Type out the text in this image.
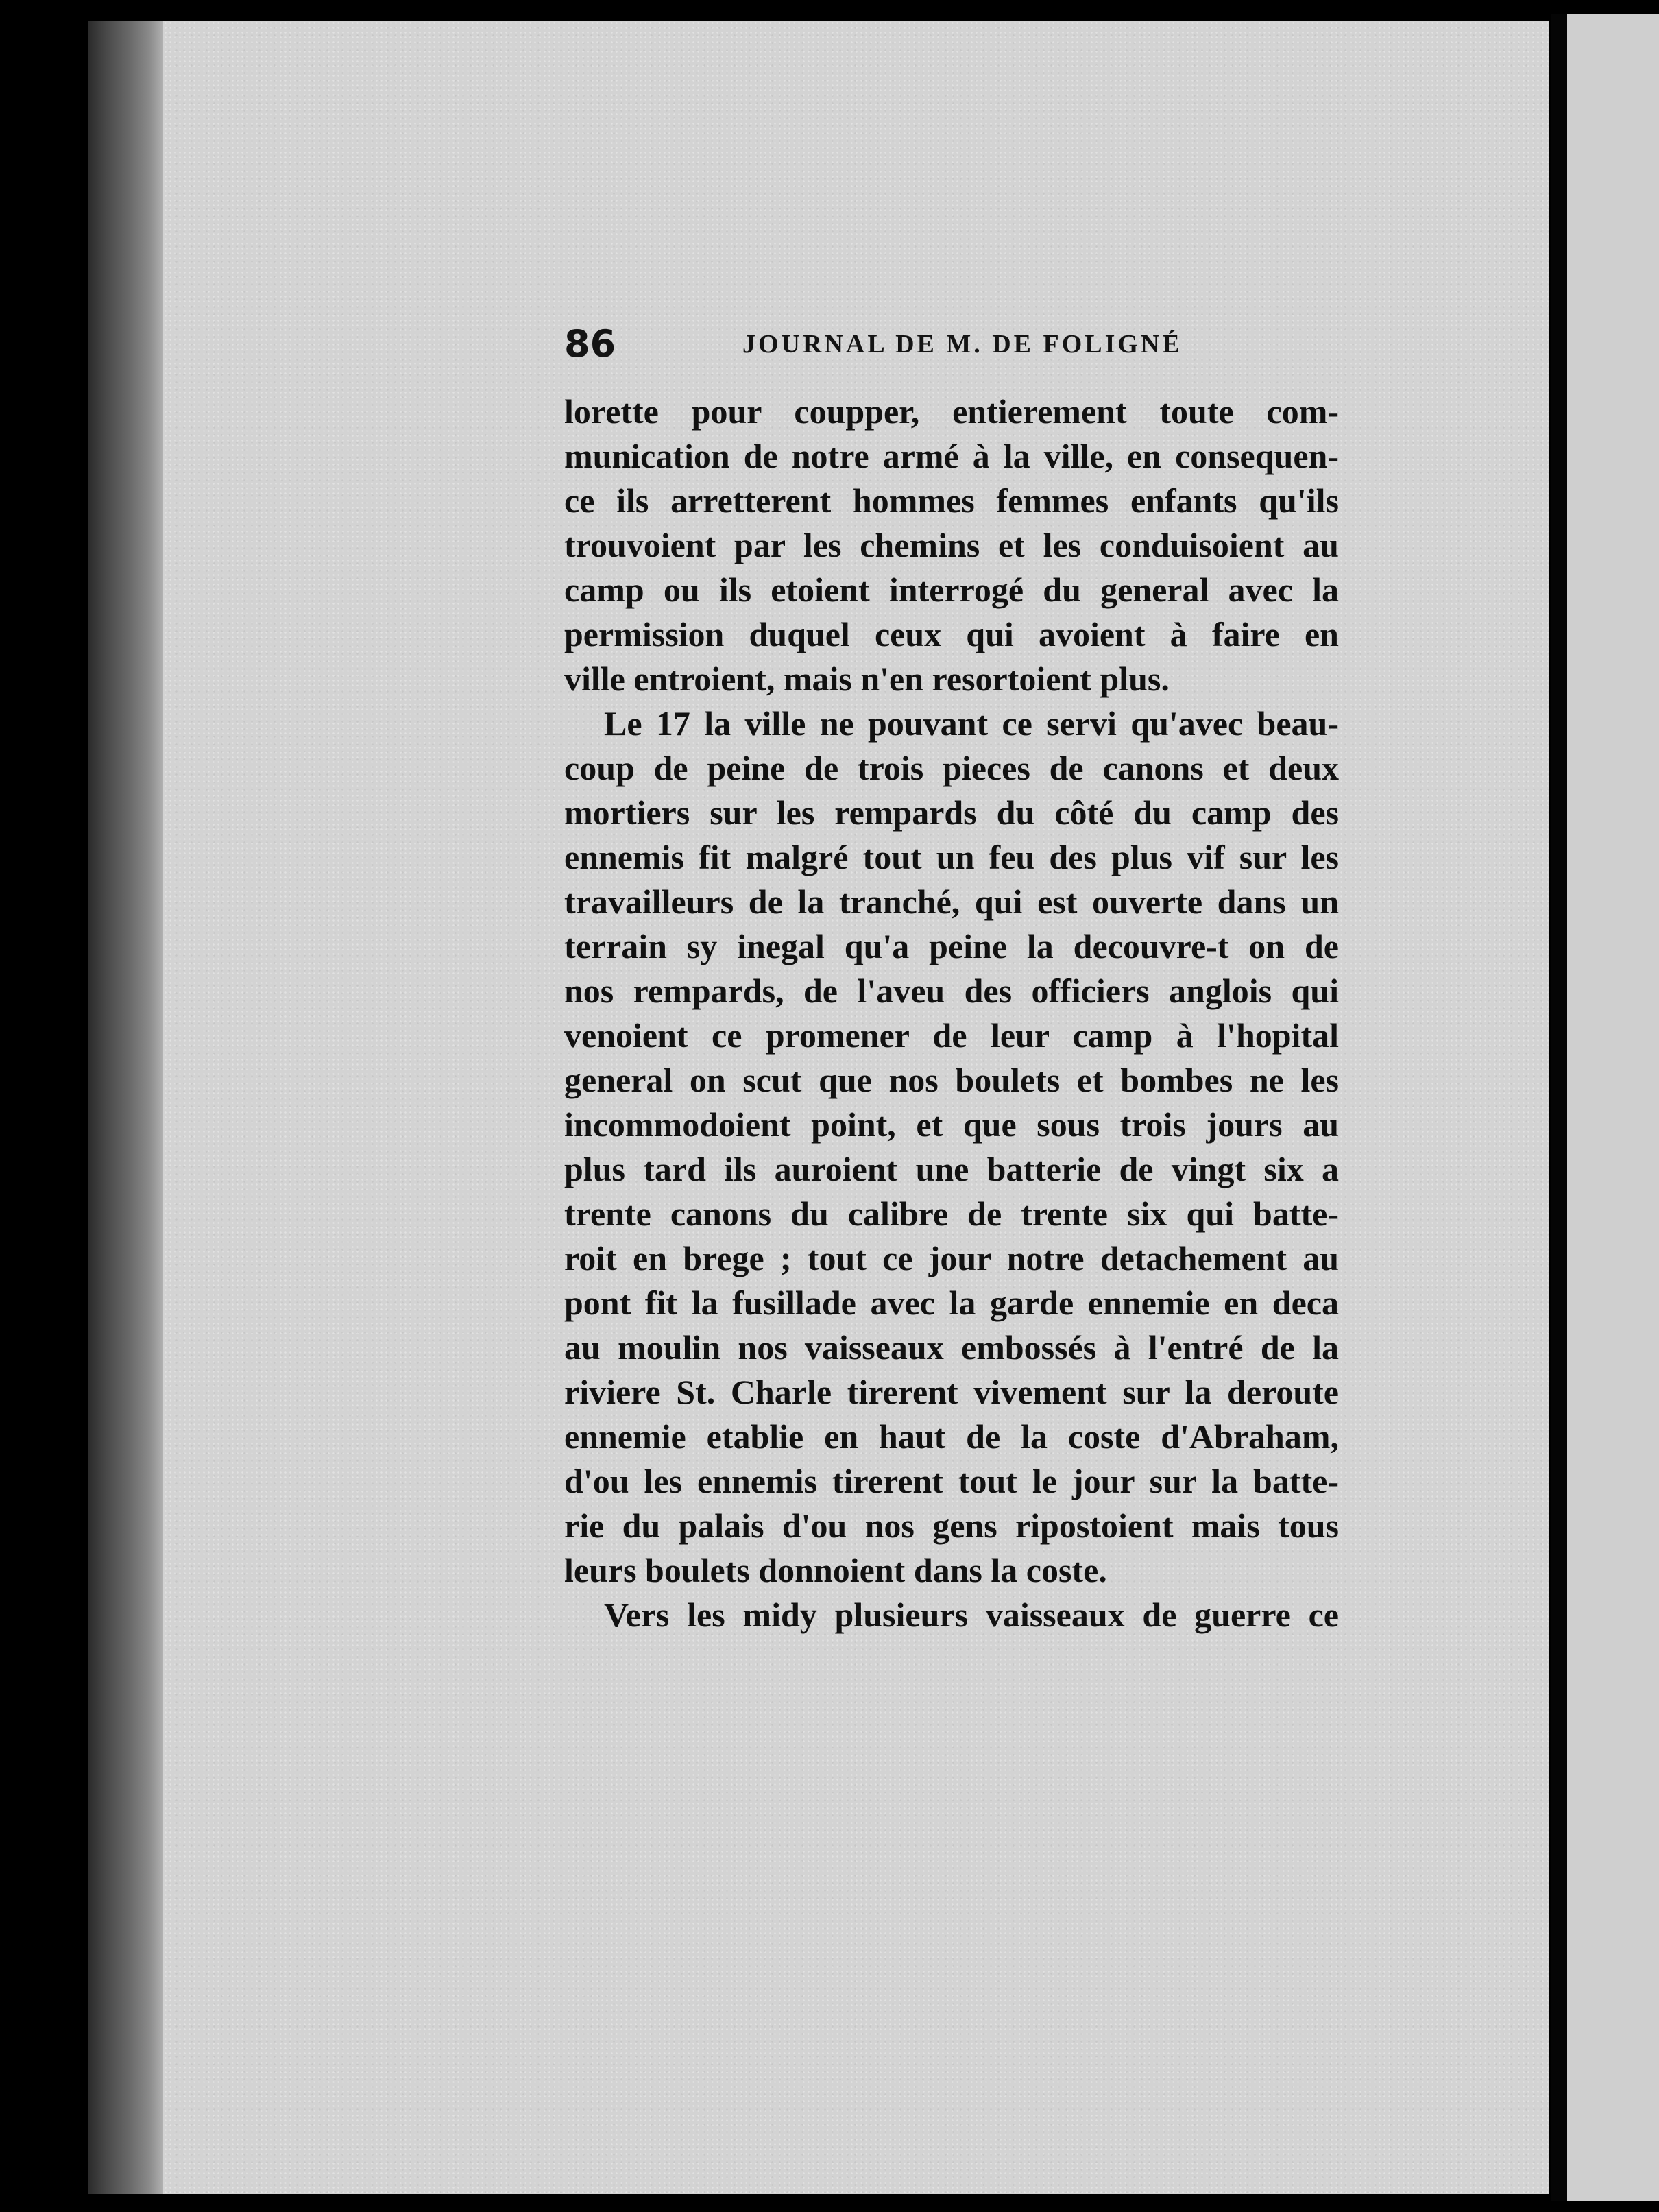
86	JOURNAL DE M. DE FOLIGNÉ
lorette pour coupper, entierement toute com-
munication de notre armé à la ville, en consequen-
ce ils arretterent hommes femmes enfants qu'ils
trouvoient par les chemins et les conduisoient au
camp ou ils etoient interrogé du general avec la
permission duquel ceux qui avoient à faire en
ville entroient, mais n'en resortoient plus.
Le 17 la ville ne pouvant ce servi qu'avec beau-
coup de peine de trois pieces de canons et deux
mortiers sur les rempards du côté du camp des
ennemis fit malgré tout un feu des plus vif sur les
travailleurs de la tranché, qui est ouverte dans un
terrain sy inegal qu'a peine la decouvre-t on de
nos rempards, de l'aveu des officiers anglois qui
venoient ce promener de leur camp à l'hopital
general on scut que nos boulets et bombes ne les
incommodoient point, et que sous trois jours au
plus tard ils auroient une batterie de vingt six a
trente canons du calibre de trente six qui batte-
roit en brege ; tout ce jour notre detachement au
pont fit la fusillade avec la garde ennemie en deca
au moulin nos vaisseaux embossés à l'entré de la
riviere St. Charle tirerent vivement sur la deroute
ennemie etablie en haut de la coste d'Abraham,
d'ou les ennemis tirerent tout le jour sur la batte-
rie du palais d'ou nos gens ripostoient mais tous
leurs boulets donnoient dans la coste.
Vers les midy plusieurs vaisseaux de guerre ce
